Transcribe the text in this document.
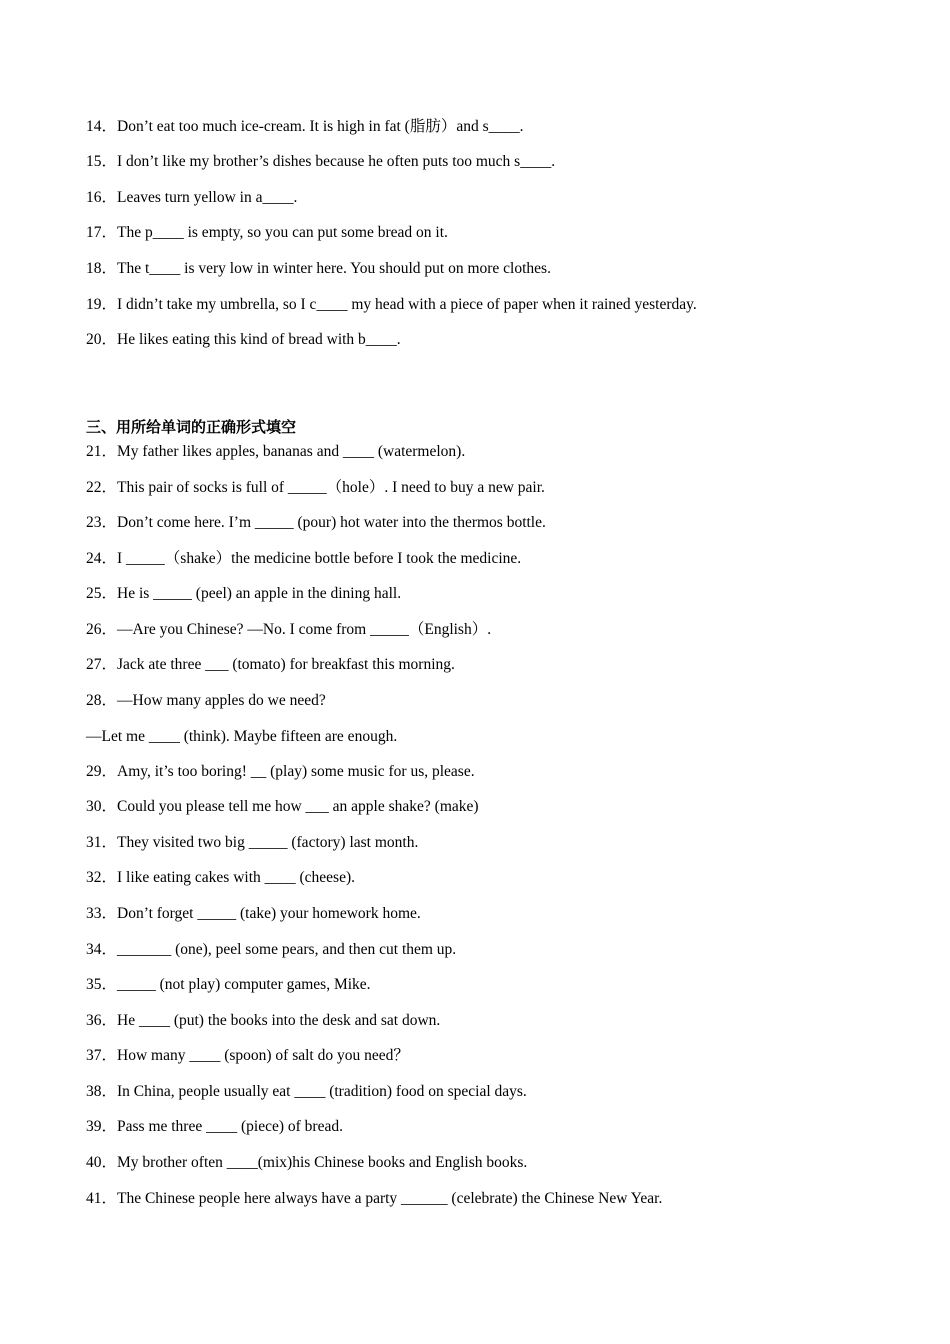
14．Don’t eat too much ice-cream. It is high in fat (脂肪）and s____.
15．I don’t like my brother’s dishes because he often puts too much s____.
16．Leaves turn yellow in a____.
17．The p____ is empty, so you can put some bread on it.
18．The t____ is very low in winter here. You should put on more clothes.
19．I didn’t take my umbrella, so I c____ my head with a piece of paper when it rained yesterday.
20．He likes eating this kind of bread with b____.
三、用所给单词的正确形式填空
21．My father likes apples, bananas and ____ (watermelon).
22．This pair of socks is full of _____（hole）. I need to buy a new pair.
23．Don’t come here. I’m _____ (pour) hot water into the thermos bottle.
24．I _____（shake）the medicine bottle before I took the medicine.
25．He is _____ (peel) an apple in the dining hall.
26．—Are you Chinese? —No. I come from _____（English）.
27．Jack ate three ___ (tomato) for breakfast this morning.
28．—How many apples do we need?
—Let me ____ (think). Maybe fifteen are enough.
29．Amy, it’s too boring! __ (play) some music for us, please.
30．Could you please tell me how ___ an apple shake? (make)
31．They visited two big _____ (factory) last month.
32．I like eating cakes with ____ (cheese).
33．Don’t forget _____ (take) your homework home.
34．_______ (one), peel some pears, and then cut them up.
35．_____ (not play) computer games, Mike.
36．He ____ (put) the books into the desk and sat down.
37．How many ____ (spoon) of salt do you need？
38．In China, people usually eat ____ (tradition) food on special days.
39．Pass me three ____ (piece) of bread.
40．My brother often ____(mix)his Chinese books and English books.
41．The Chinese people here always have a party ______ (celebrate) the Chinese New Year.
